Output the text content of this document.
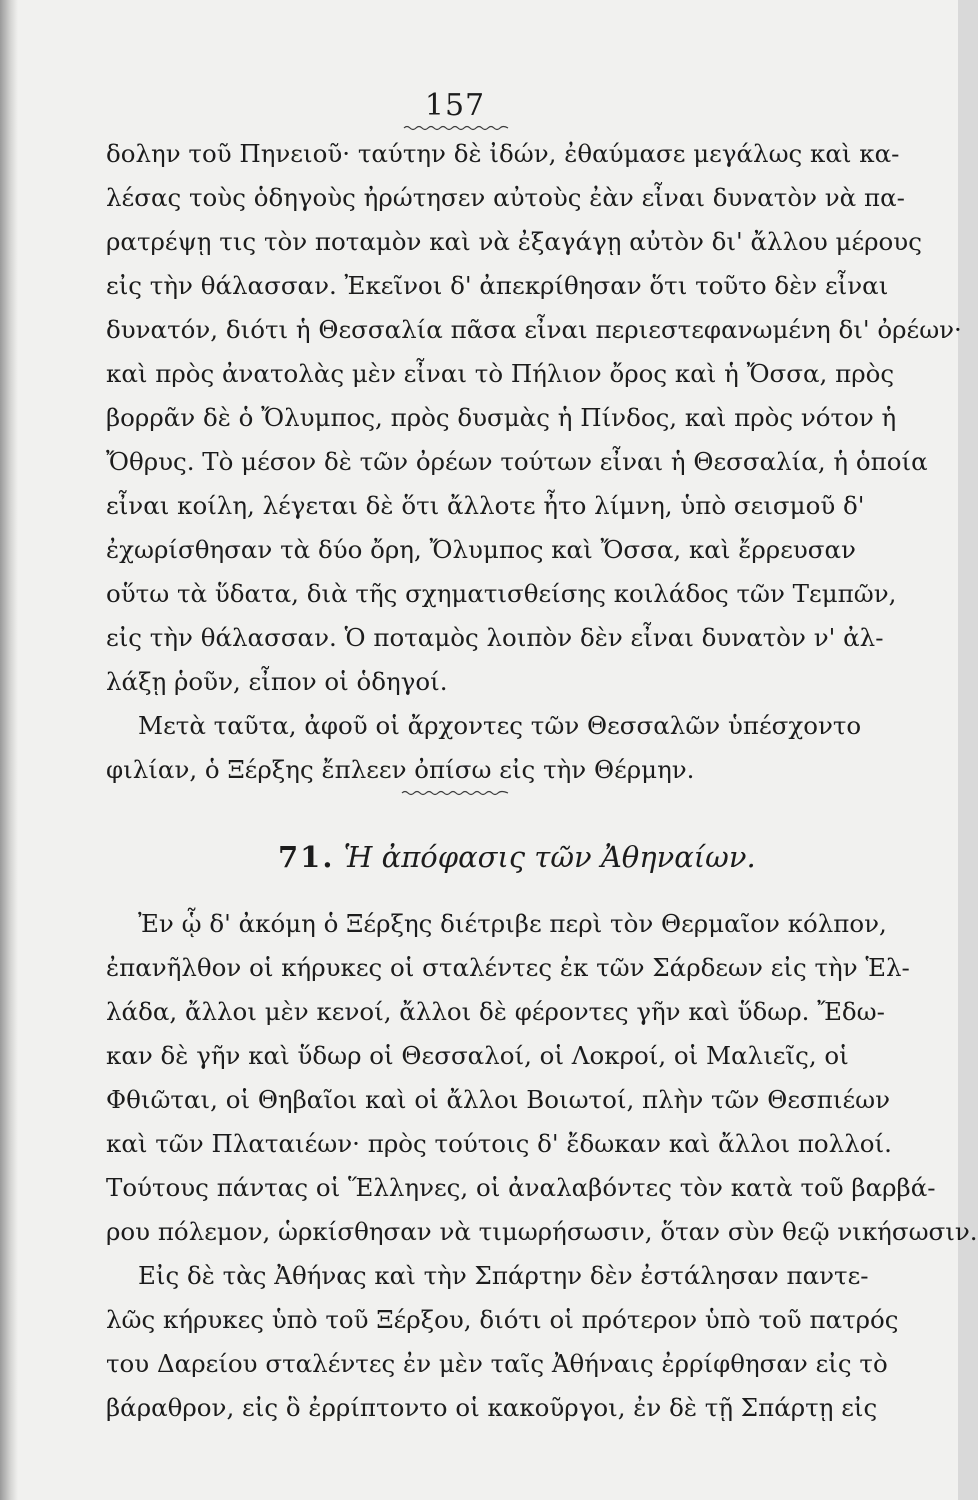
157
δολην τοῦ Πηνειοῦ· ταύτην δὲ ἰδών, ἐθαύμασε μεγάλως καὶ κα-
λέσας τοὺς ὁδηγοὺς ἠρώτησεν αὐτοὺς ἐὰν εἶναι δυνατὸν νὰ πα-
ρατρέψῃ τις τὸν ποταμὸν καὶ νὰ ἐξαγάγῃ αὐτὸν δι' ἄλλου μέρους
εἰς τὴν θάλασσαν. Ἐκεῖνοι δ' ἀπεκρίθησαν ὅτι τοῦτο δὲν εἶναι
δυνατόν, διότι ἡ Θεσσαλία πᾶσα εἶναι περιεστεφανωμένη δι' ὀρέων·
καὶ πρὸς ἀνατολὰς μὲν εἶναι τὸ Πήλιον ὄρος καὶ ἡ Ὄσσα, πρὸς
βορρᾶν δὲ ὁ Ὄλυμπος, πρὸς δυσμὰς ἡ Πίνδος, καὶ πρὸς νότον ἡ
Ὄθρυς. Τὸ μέσον δὲ τῶν ὀρέων τούτων εἶναι ἡ Θεσσαλία, ἡ ὁποία
εἶναι κοίλη, λέγεται δὲ ὅτι ἄλλοτε ἦτο λίμνη, ὑπὸ σεισμοῦ δ'
ἐχωρίσθησαν τὰ δύο ὄρη, Ὄλυμπος καὶ Ὄσσα, καὶ ἔρρευσαν
οὕτω τὰ ὕδατα, διὰ τῆς σχηματισθείσης κοιλάδος τῶν Τεμπῶν,
εἰς τὴν θάλασσαν. Ὁ ποταμὸς λοιπὸν δὲν εἶναι δυνατὸν ν' ἀλ-
λάξῃ ῥοῦν, εἶπον οἱ ὁδηγοί.
Μετὰ ταῦτα, ἀφοῦ οἱ ἄρχοντες τῶν Θεσσαλῶν ὑπέσχοντο
φιλίαν, ὁ Ξέρξης ἔπλεεν ὀπίσω εἰς τὴν Θέρμην.
71. Ἡ ἀπόφασις τῶν Ἀθηναίων.
Ἐν ᾧ δ' ἀκόμη ὁ Ξέρξης διέτριβε περὶ τὸν Θερμαῖον κόλπον,
ἐπανῆλθον οἱ κήρυκες οἱ σταλέντες ἐκ τῶν Σάρδεων εἰς τὴν Ἑλ-
λάδα, ἄλλοι μὲν κενοί, ἄλλοι δὲ φέροντες γῆν καὶ ὕδωρ. Ἔδω-
καν δὲ γῆν καὶ ὕδωρ οἱ Θεσσαλοί, οἱ Λοκροί, οἱ Μαλιεῖς, οἱ
Φθιῶται, οἱ Θηβαῖοι καὶ οἱ ἄλλοι Βοιωτοί, πλὴν τῶν Θεσπιέων
καὶ τῶν Πλαταιέων· πρὸς τούτοις δ' ἔδωκαν καὶ ἄλλοι πολλοί.
Τούτους πάντας οἱ Ἕλληνες, οἱ ἀναλαβόντες τὸν κατὰ τοῦ βαρβά-
ρου πόλεμον, ὡρκίσθησαν νὰ τιμωρήσωσιν, ὅταν σὺν θεῷ νικήσωσιν.
Εἰς δὲ τὰς Ἀθήνας καὶ τὴν Σπάρτην δὲν ἐστάλησαν παντε-
λῶς κήρυκες ὑπὸ τοῦ Ξέρξου, διότι οἱ πρότερον ὑπὸ τοῦ πατρός
του Δαρείου σταλέντες ἐν μὲν ταῖς Ἀθήναις ἐρρίφθησαν εἰς τὸ
βάραθρον, εἰς ὃ ἐρρίπτοντο οἱ κακοῦργοι, ἐν δὲ τῇ Σπάρτῃ εἰς
